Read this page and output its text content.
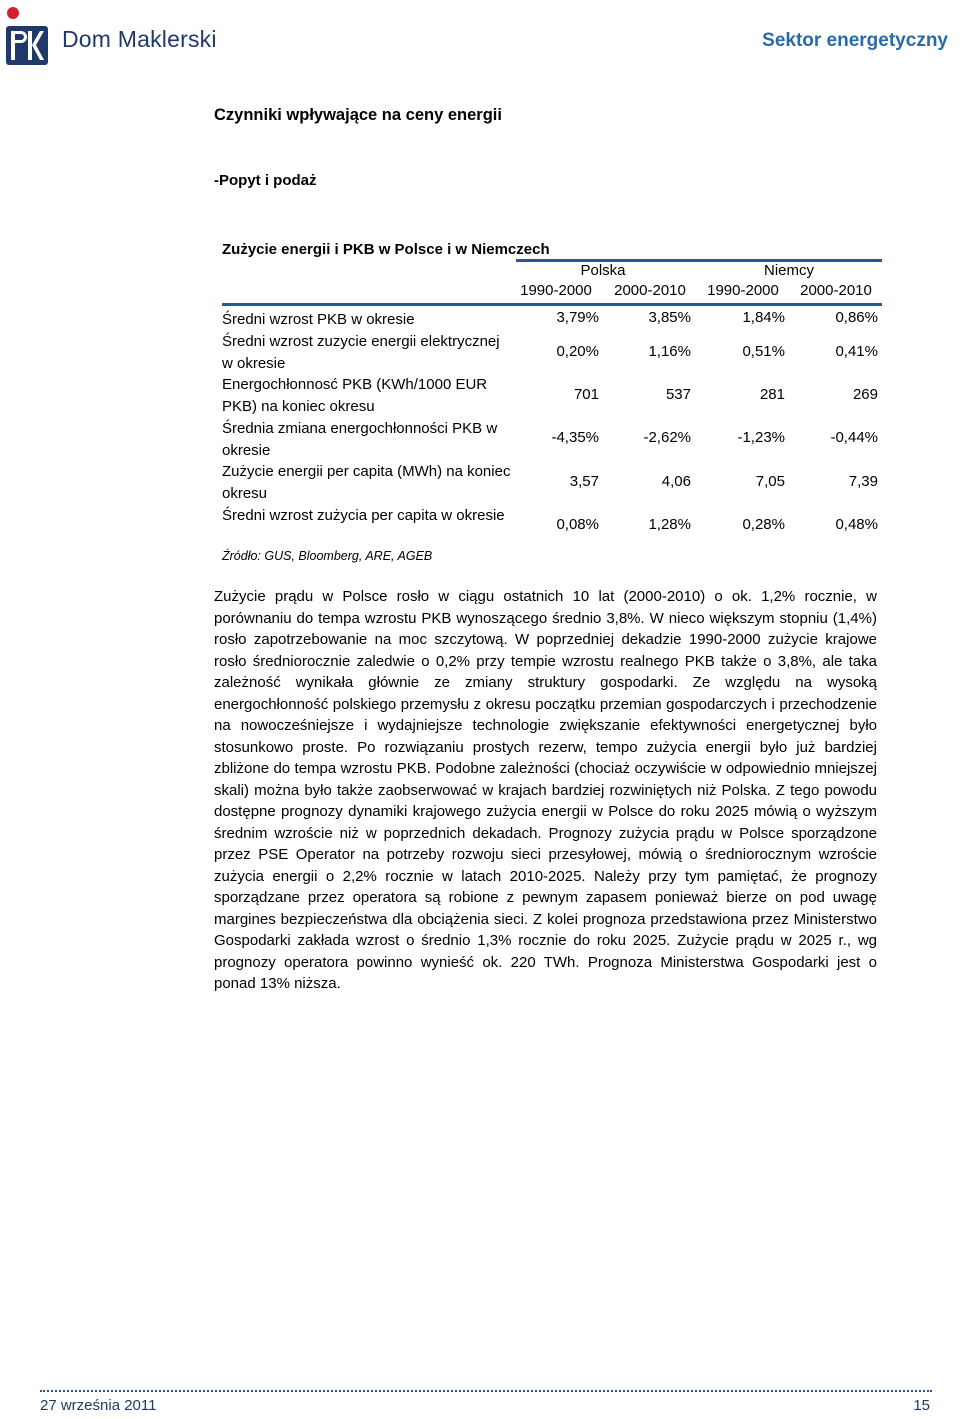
Dom Maklerski	Sektor energetyczny
Czynniki wpływające na ceny energii
-Popyt i podaż
Zużycie energii i PKB w Polsce i w Niemczech
Polska	Niemcy
1990-2000	2000-2010	1990-2000	2000-2010
Średni wzrost PKB w okresie	3,79%	3,85%	1,84%	0,86%
Średni wzrost zuzycie energii elektrycznej w okresie
0,20%	1,16%	0,51%	0,41%
Energochłonnosć PKB (KWh/1000 EUR PKB) na koniec okresu
701	537	281	269
Średnia zmiana energochłonności PKB w okresie
-4,35%	-2,62%	-1,23%	-0,44%
Zużycie energii per capita (MWh) na koniec okresu
3,57	4,06	7,05	7,39
Średni wzrost zużycia per capita w okresie
0,08%	1,28%	0,28%	0,48%
Źródło: GUS, Bloomberg, ARE, AGEB
Zużycie prądu w Polsce rosło w ciągu ostatnich 10 lat (2000-2010) o ok. 1,2% rocznie, w porównaniu do tempa wzrostu PKB wynoszącego średnio 3,8%. W nieco większym stopniu (1,4%) rosło zapotrzebowanie na moc szczytową. W poprzedniej dekadzie 1990-2000 zużycie krajowe rosło średniorocznie zaledwie o 0,2% przy tempie wzrostu realnego PKB także o 3,8%, ale taka zależność wynikała głównie ze zmiany struktury gospodarki. Ze względu na wysoką energochłonność polskiego przemysłu z okresu początku przemian gospodarczych i przechodzenie na nowocześniejsze i wydajniejsze technologie zwiększanie efektywności energetycznej było stosunkowo proste. Po rozwiązaniu prostych rezerw, tempo zużycia energii było już bardziej zbliżone do tempa wzrostu PKB. Podobne zależności (chociaż oczywiście w odpowiednio mniejszej skali) można było także zaobserwować w krajach bardziej rozwiniętych niż Polska. Z tego powodu dostępne prognozy dynamiki krajowego zużycia energii w Polsce do roku 2025 mówią o wyższym średnim wzroście niż w poprzednich dekadach. Prognozy zużycia prądu w Polsce sporządzone przez PSE Operator na potrzeby rozwoju sieci przesyłowej, mówią o średniorocznym wzroście zużycia energii o 2,2% rocznie w latach 2010-2025. Należy przy tym pamiętać, że prognozy sporządzane przez operatora są robione z pewnym zapasem ponieważ bierze on pod uwagę margines bezpieczeństwa dla obciążenia sieci. Z kolei prognoza przedstawiona przez Ministerstwo Gospodarki zakłada wzrost o średnio 1,3% rocznie do roku 2025. Zużycie prądu w 2025 r., wg prognozy operatora powinno wynieść ok. 220 TWh. Prognoza Ministerstwa Gospodarki jest o ponad 13% niższa.
27 września 2011	15
